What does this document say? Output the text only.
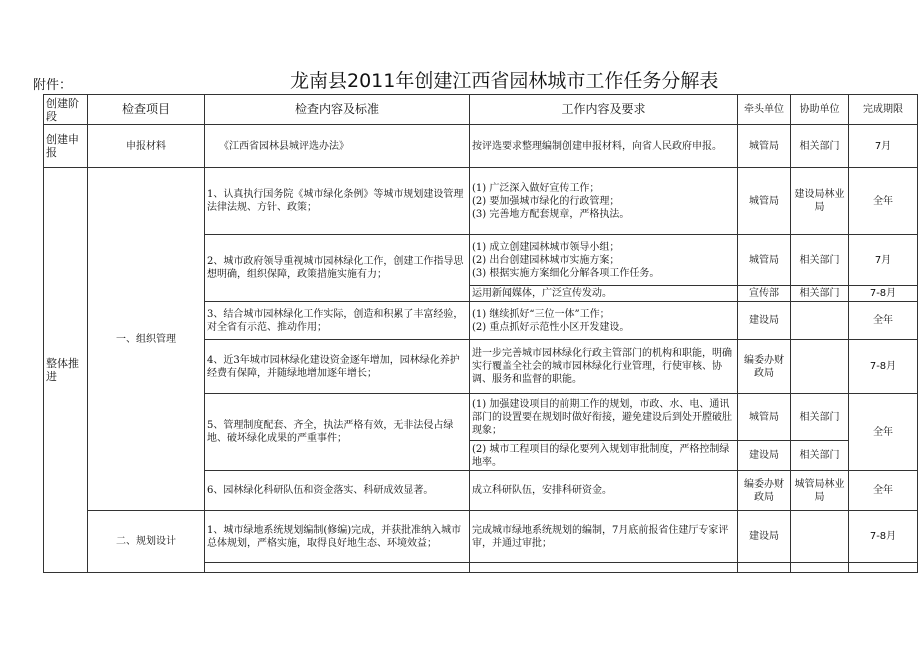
附件：	龙南县2011年创建江西省园林城市工作任务分解表
创建阶段	检查项目	检查内容及标准	工作内容及要求	牵头单位	协助单位	完成期限
创建申报	申报材料	《江西省园林县城评选办法》	按评选要求整理编制创建申报材料，向省人民政府申报。	城管局	相关部门	7月
整体推进	一、组织管理	1、认真执行国务院《城市绿化条例》等城市规划建设管理法律法规、方针、政策；	(1) 广泛深入做好宣传工作；
(2) 要加强城市绿化的行政管理；
(3) 完善地方配套规章，严格执法。	城管局	建设局林业局	全年
		2、城市政府领导重视城市园林绿化工作，创建工作指导思想明确，组织保障，政策措施实施有力；	(1) 成立创建园林城市领导小组；
(2) 出台创建园林城市实施方案；
(3) 根据实施方案细化分解各项工作任务。	城管局	相关部门	7月
			运用新闻媒体，广泛宣传发动。	宣传部	相关部门	7-8月
		3、结合城市园林绿化工作实际，创造和积累了丰富经验，对全省有示范、推动作用；	(1) 继续抓好“三位一体”工作；
(2) 重点抓好示范性小区开发建设。	建设局		全年
		4、近3年城市园林绿化建设资金逐年增加，园林绿化养护经费有保障，并随绿地增加逐年增长；	进一步完善城市园林绿化行政主管部门的机构和职能，明确实行覆盖全社会的城市园林绿化行业管理，行使审核、协调、服务和监督的职能。	编委办财政局		7-8月
		5、管理制度配套、齐全，执法严格有效，无非法侵占绿地、破坏绿化成果的严重事件；	(1) 加强建设项目的前期工作的规划，市政、水、电、通讯部门的设置要在规划时做好衔接，避免建设后到处开膛破肚现象；	城管局	相关部门	全年
			(2) 城市工程项目的绿化要列入规划审批制度，严格控制绿地率。	建设局	相关部门	
		6、园林绿化科研队伍和资金落实、科研成效显著。	成立科研队伍，安排科研资金。	编委办财政局	城管局林业局	全年
	二、规划设计	1、城市绿地系统规划编制(修编)完成，并获批准纳入城市总体规划，严格实施，取得良好地生态、环境效益；	完成城市绿地系统规划的编制，7月底前报省住建厅专家评审，并通过审批；	建设局		7-8月
